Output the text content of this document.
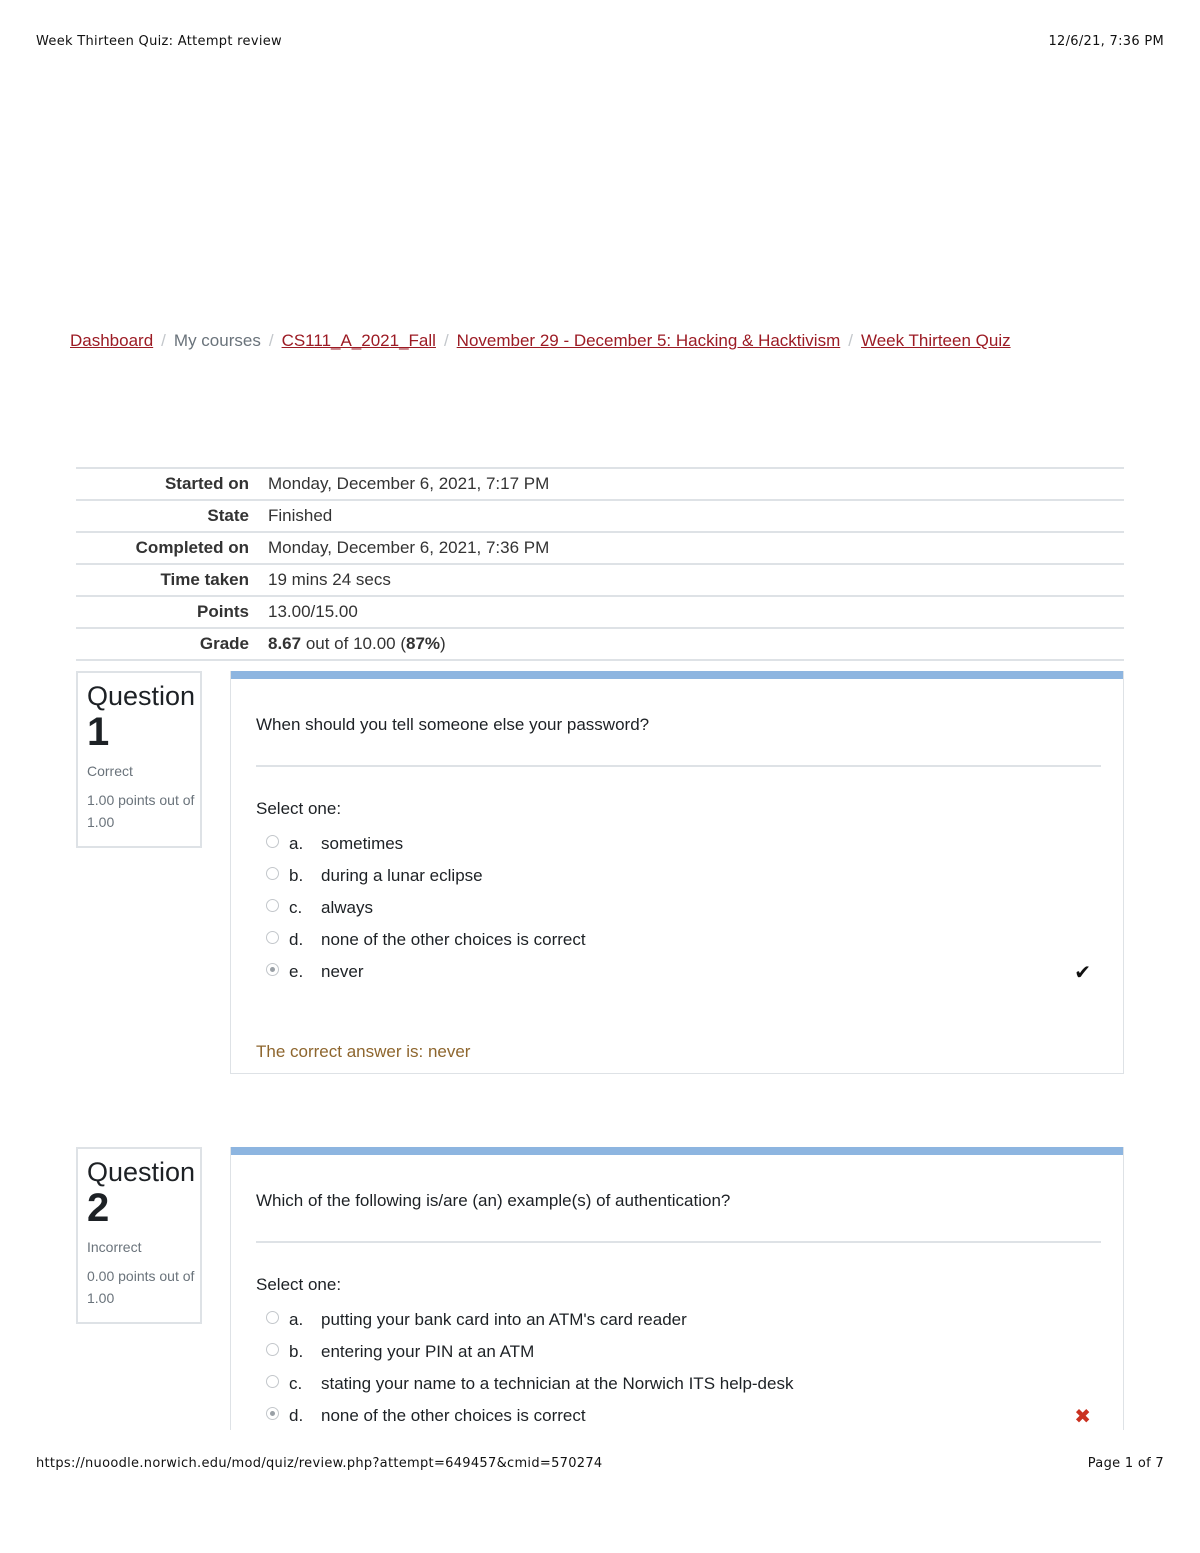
Week Thirteen Quiz: Attempt review	12/6/21, 7:36 PM
Dashboard / My courses / CS111_A_2021_Fall / November 29 - December 5: Hacking & Hacktivism / Week Thirteen Quiz
Started on	Monday, December 6, 2021, 7:17 PM
State	Finished
Completed on	Monday, December 6, 2021, 7:36 PM
Time taken	19 mins 24 secs
Points	13.00/15.00
Grade	8.67 out of 10.00 (87%)
Question
1
Correct
1.00 points out of 1.00
When should you tell someone else your password?
Select one:
a.	sometimes
b.	during a lunar eclipse
c.	always
d.	none of the other choices is correct
e.	never	✔
The correct answer is: never
Question
2
Incorrect
0.00 points out of 1.00
Which of the following is/are (an) example(s) of authentication?
Select one:
a.	putting your bank card into an ATM's card reader
b.	entering your PIN at an ATM
c.	stating your name to a technician at the Norwich ITS help-desk
d.	none of the other choices is correct	✖
https://nuoodle.norwich.edu/mod/quiz/review.php?attempt=649457&cmid=570274	Page 1 of 7
